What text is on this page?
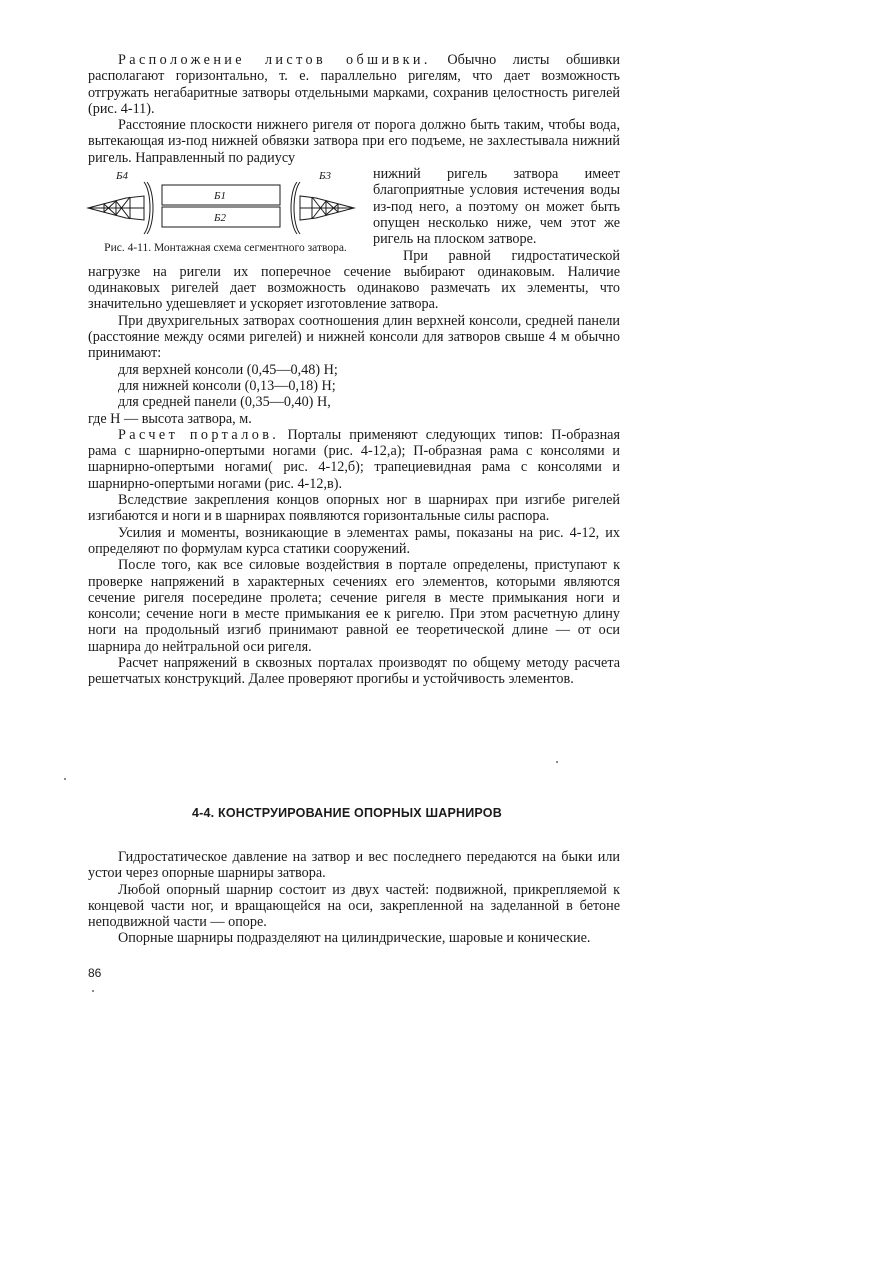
Расположение листов обшивки. Обычно листы обшивки располагают горизонтально, т. е. параллельно ригелям, что дает возможность отгружать негабаритные затворы отдельными марками, сохранив целостность ригелей (рис. 4-11).

Расстояние плоскости нижнего ригеля от порога должно быть таким, чтобы вода, вытекающая из-под нижней обвязки затвора при его подъеме, не захлестывала нижний ригель. Направленный по радиусу

Б4
Б1
Б2
Б3
Рис. 4-11. Монтажная схема сегментного затвора.

нижний ригель затвора имеет благоприятные условия истечения воды из-под него, а поэтому он может быть опущен несколько ниже, чем этот же ригель на плоском затворе.

При равной гидростатической нагрузке на ригели их поперечное сечение выбирают одинаковым. Наличие одинаковых ригелей дает возможность одинаково размечать их элементы, что значительно удешевляет и ускоряет изготовление затвора.

При двухригельных затворах соотношения длин верхней консоли, средней панели (расстояние между осями ригелей) и нижней консоли для затворов свыше 4 м обычно принимают:

для верхней консоли (0,45—0,48) H;

для нижней консоли (0,13—0,18) H;

для средней панели (0,35—0,40) H,

где H — высота затвора, м.

Расчет порталов. Порталы применяют следующих типов: П-образная рама с шарнирно-опертыми ногами (рис. 4-12,а); П-образная рама с консолями и шарнирно-опертыми ногами( рис. 4-12,б); трапециевидная рама с консолями и шарнирно-опертыми ногами (рис. 4-12,в).

Вследствие закрепления концов опорных ног в шарнирах при изгибе ригелей изгибаются и ноги и в шарнирах появляются горизонтальные силы распора.

Усилия и моменты, возникающие в элементах рамы, показаны на рис. 4-12, их определяют по формулам курса статики сооружений.

После того, как все силовые воздействия в портале определены, приступают к проверке напряжений в характерных сечениях его элементов, которыми являются сечение ригеля посередине пролета; сечение ригеля в месте примыкания ноги и консоли; сечение ноги в месте примыкания ее к ригелю. При этом расчетную длину ноги на продольный изгиб принимают равной ее теоретической длине — от оси шарнира до нейтральной оси ригеля.

Расчет напряжений в сквозных порталах производят по общему методу расчета решетчатых конструкций. Далее проверяют прогибы и устойчивость элементов.

4-4. КОНСТРУИРОВАНИЕ ОПОРНЫХ ШАРНИРОВ

Гидростатическое давление на затвор и вес последнего передаются на быки или устои через опорные шарниры затвора.

Любой опорный шарнир состоит из двух частей: подвижной, прикрепляемой к концевой части ног, и вращающейся на оси, закрепленной на заделанной в бетоне неподвижной части — опоре.

Опорные шарниры подразделяют на цилиндрические, шаровые и конические.

86
